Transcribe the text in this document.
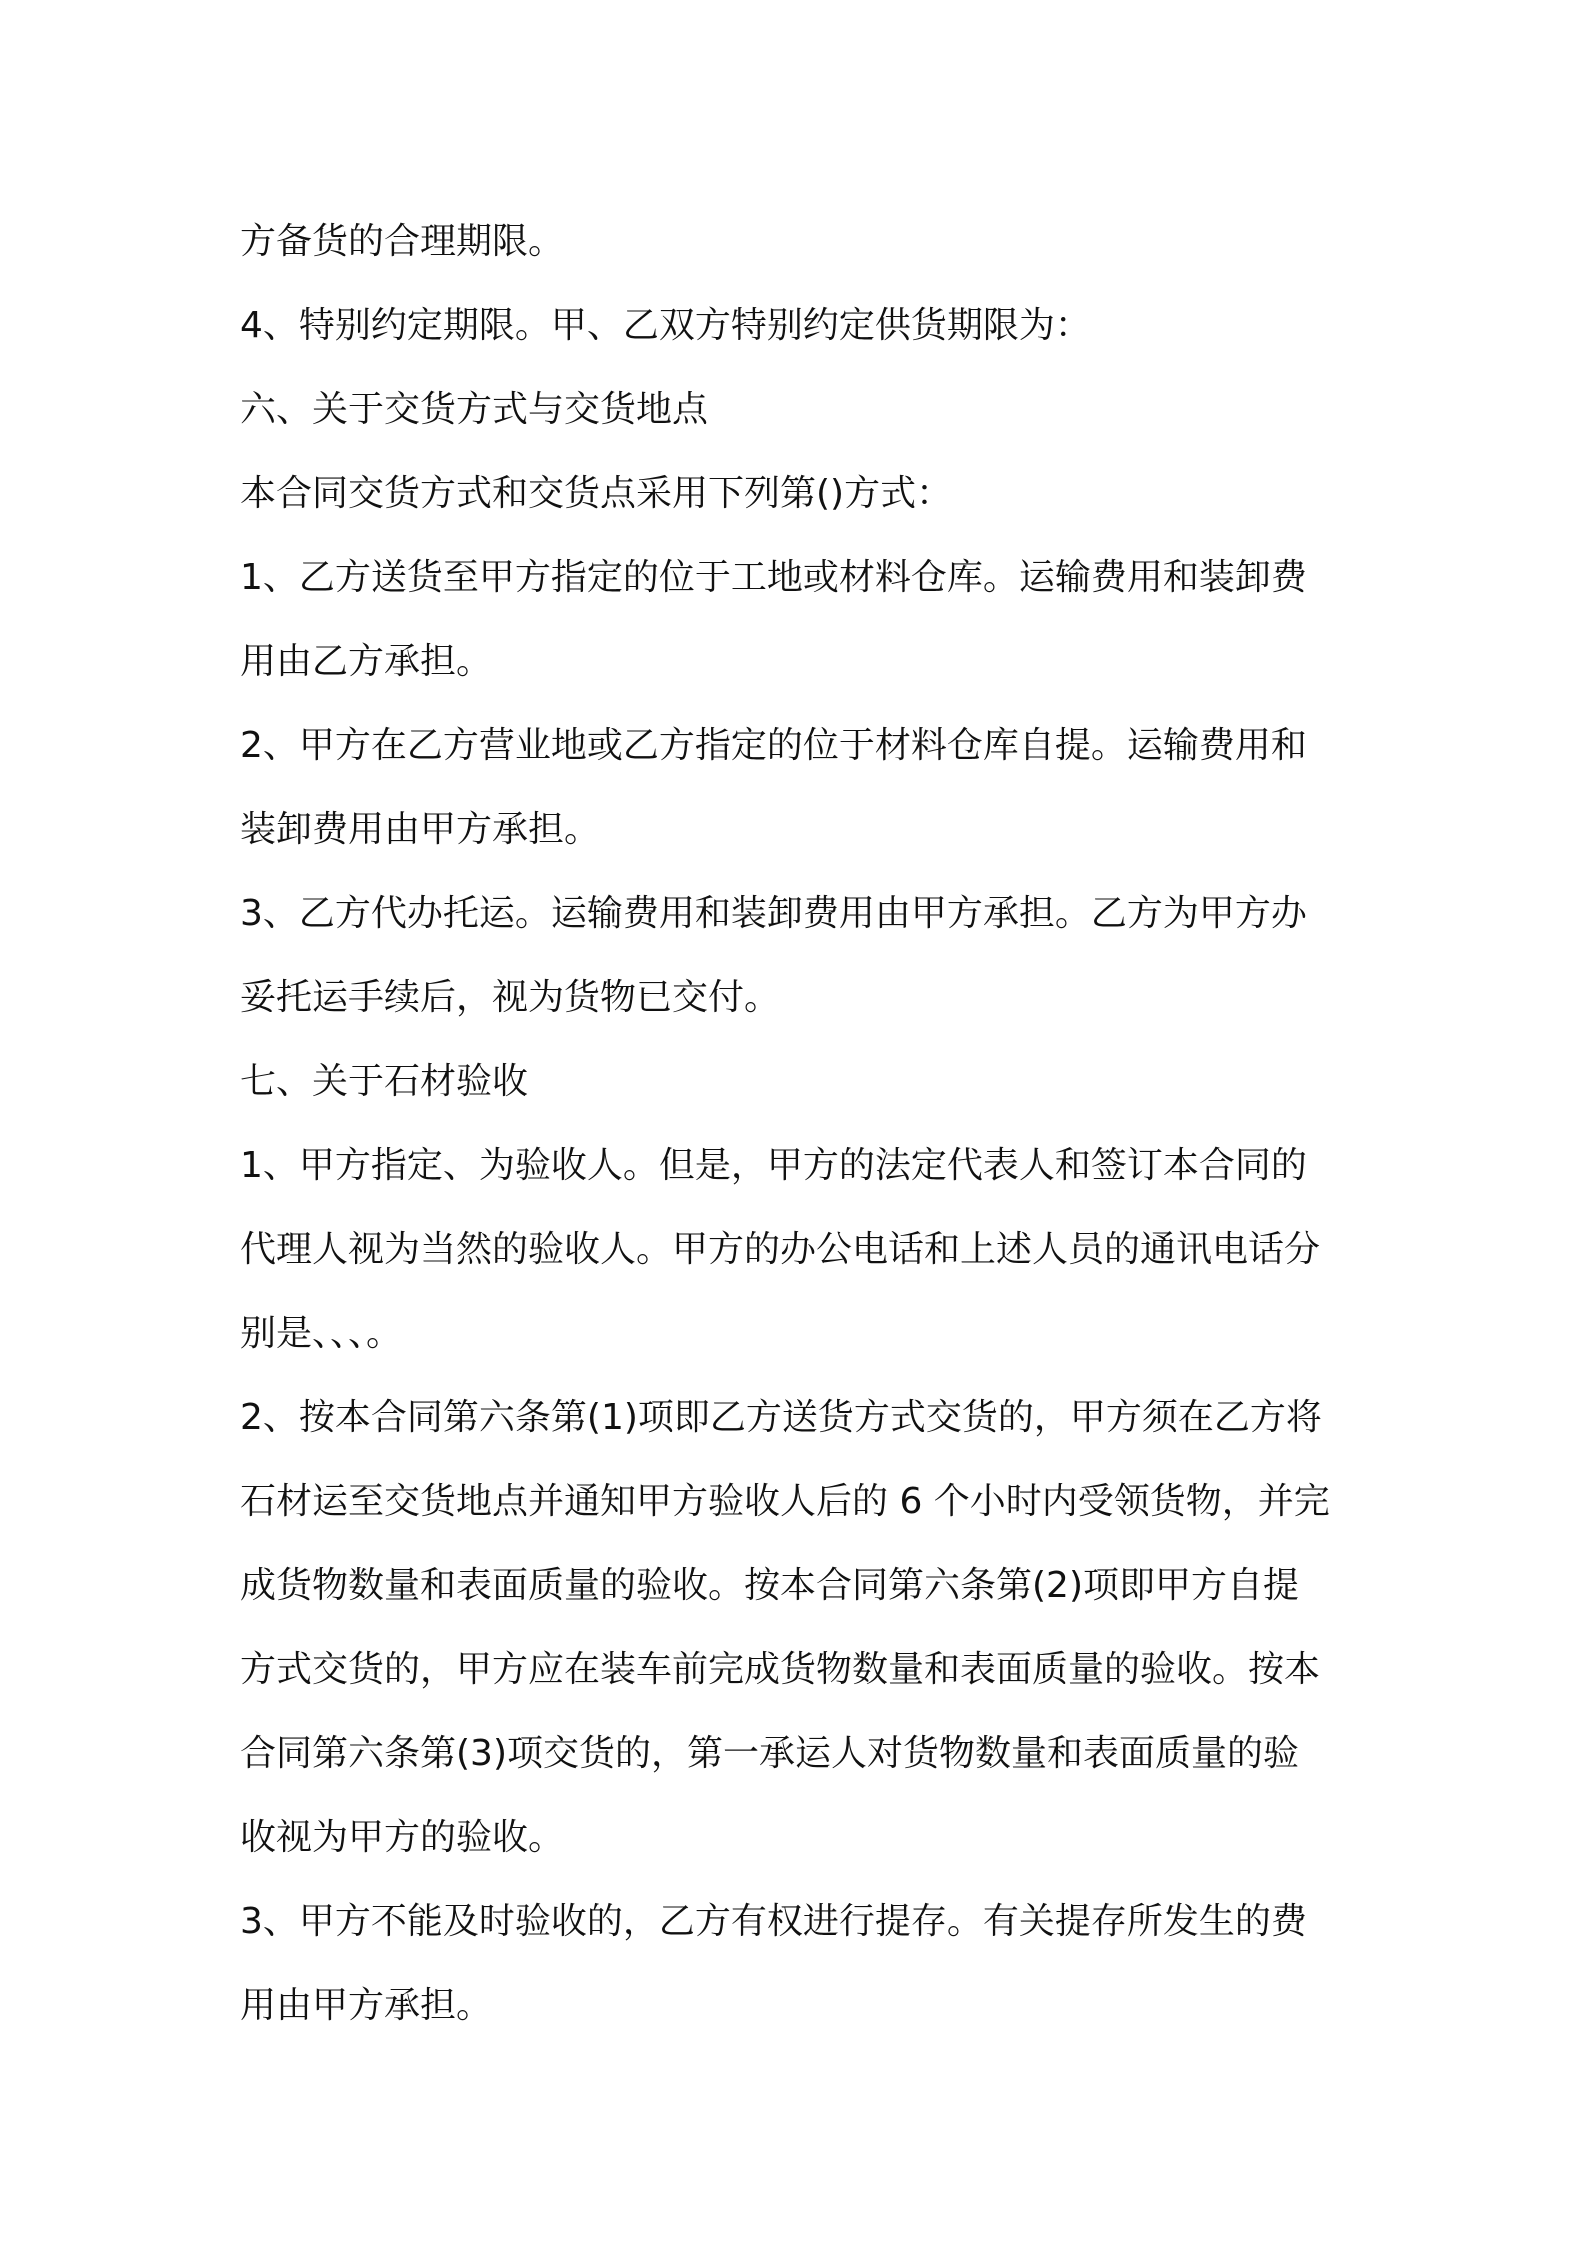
方备货的合理期限。

4、特别约定期限。甲、乙双方特别约定供货期限为：

六、关于交货方式与交货地点

本合同交货方式和交货点采用下列第()方式：

1、乙方送货至甲方指定的位于工地或材料仓库。运输费用和装卸费

用由乙方承担。

2、甲方在乙方营业地或乙方指定的位于材料仓库自提。运输费用和

装卸费用由甲方承担。

3、乙方代办托运。运输费用和装卸费用由甲方承担。乙方为甲方办

妥托运手续后，视为货物已交付。

七、关于石材验收

1、甲方指定、为验收人。但是，甲方的法定代表人和签订本合同的

代理人视为当然的验收人。甲方的办公电话和上述人员的通讯电话分

别是、、、。

2、按本合同第六条第(1)项即乙方送货方式交货的，甲方须在乙方将

石材运至交货地点并通知甲方验收人后的 6 个小时内受领货物，并完

成货物数量和表面质量的验收。按本合同第六条第(2)项即甲方自提

方式交货的，甲方应在装车前完成货物数量和表面质量的验收。按本

合同第六条第(3)项交货的，第一承运人对货物数量和表面质量的验

收视为甲方的验收。

3、甲方不能及时验收的，乙方有权进行提存。有关提存所发生的费

用由甲方承担。
